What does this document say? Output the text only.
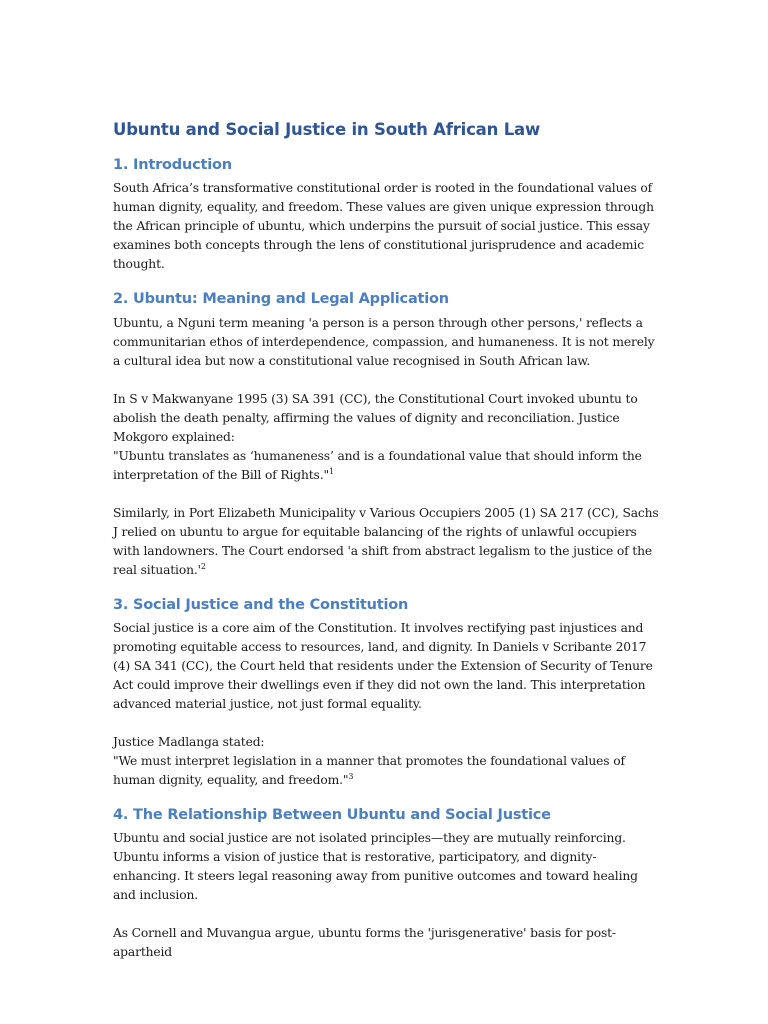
Ubuntu and Social Justice in South African Law
1. Introduction

South Africa’s transformative constitutional order is rooted in the foundational values of human dignity, equality, and freedom. These values are given unique expression through the African principle of ubuntu, which underpins the pursuit of social justice. This essay examines both concepts through the lens of constitutional jurisprudence and academic thought.

2. Ubuntu: Meaning and Legal Application

Ubuntu, a Nguni term meaning 'a person is a person through other persons,' reflects a communitarian ethos of interdependence, compassion, and humaneness. It is not merely a cultural idea but now a constitutional value recognised in South African law.

In S v Makwanyane 1995 (3) SA 391 (CC), the Constitutional Court invoked ubuntu to abolish the death penalty, affirming the values of dignity and reconciliation. Justice Mokgoro explained:

"Ubuntu translates as ‘humaneness’ and is a foundational value that should inform the interpretation of the Bill of Rights."$^1$

Similarly, in Port Elizabeth Municipality v Various Occupiers 2005 (1) SA 217 (CC), Sachs J relied on ubuntu to argue for equitable balancing of the rights of unlawful occupiers with landowners. The Court endorsed 'a shift from abstract legalism to the justice of the real $situation.'^2$

3. Social Justice and the Constitution

Social justice is a core aim of the Constitution. It involves rectifying past injustices and promoting equitable access to resources, land, and dignity. In Daniels v Scribante 2017 (4) SA 341 (CC), the Court held that residents under the Extension of Security of Tenure Act could improve their dwellings even if they did not own the land. This interpretation advanced material justice, not just formal equality.

Justice Madlanga stated:

"We must interpret legislation in a manner that promotes the foundational values of human dignity, equality, and freedom."$^3$

4. The Relationship Between Ubuntu and Social Justice

Ubuntu and social justice are not isolated principles—they are mutually reinforcing. Ubuntu informs a vision of justice that is restorative, participatory, and dignity-enhancing. It steers legal reasoning away from punitive outcomes and toward healing and inclusion.

As Cornell and Muvangua argue, ubuntu forms the 'jurisgenerative' basis for post-apartheid
